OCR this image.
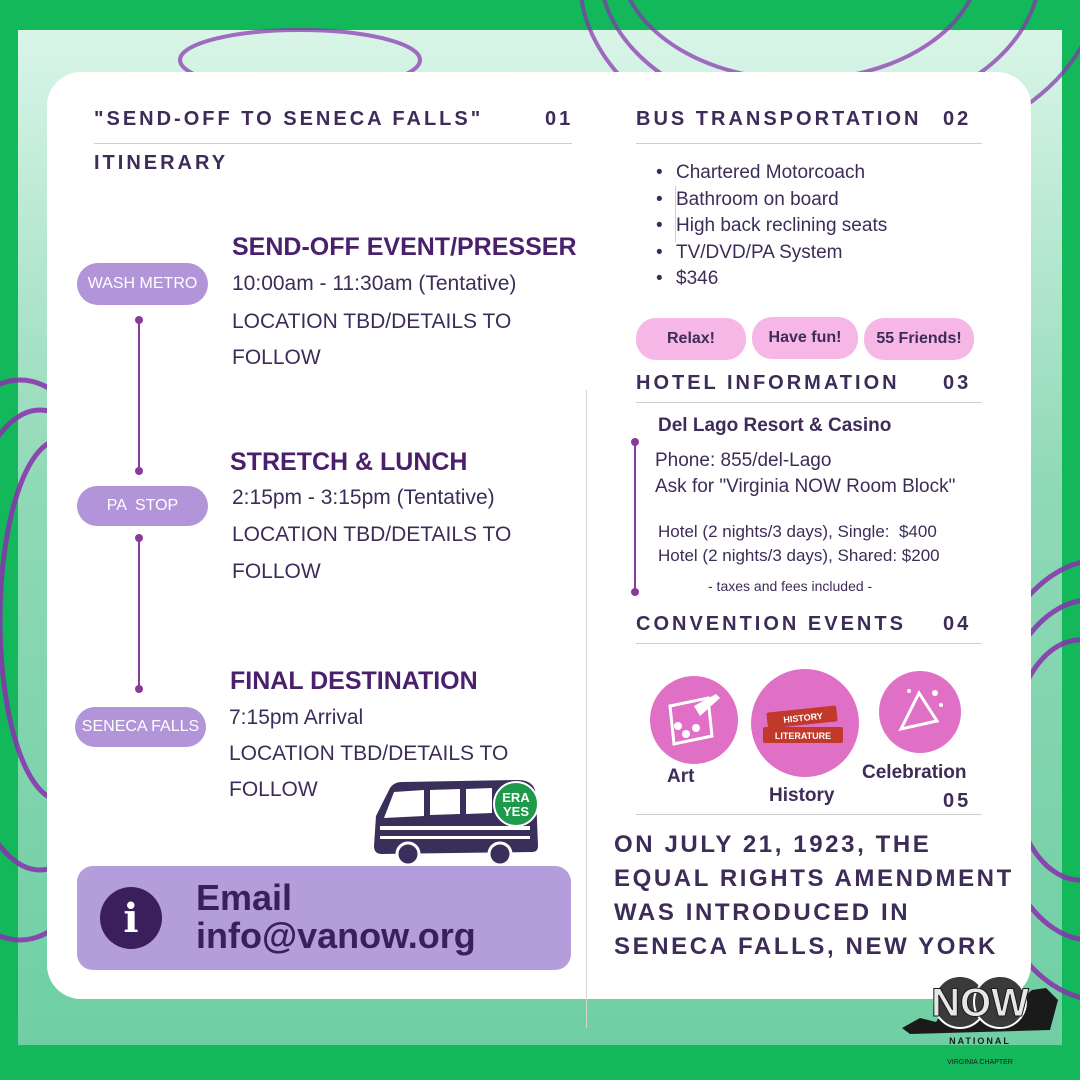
"SEND-OFF TO SENECA FALLS"	01
ITINERARY
WASH METRO
PA  STOP
SENECA FALLS
SEND-OFF EVENT/PRESSER
10:00am - 11:30am (Tentative)
LOCATION TBD/DETAILS TO
FOLLOW
STRETCH & LUNCH
2:15pm - 3:15pm (Tentative)
LOCATION TBD/DETAILS TO
FOLLOW
FINAL DESTINATION
7:15pm Arrival
LOCATION TBD/DETAILS TO
FOLLOW	ERA
YES
i	Email
info@vanow.org
BUS TRANSPORTATION 02
• Chartered Motorcoach
• Bathroom on board
• High back reclining seats
• TV/DVD/PA System
• $346
Relax!	Have fun!	55 Friends!
HOTEL INFORMATION 03
Del Lago Resort & Casino
Phone: 855/del-Lago
Ask for "Virginia NOW Room Block"
Hotel (2 nights/3 days), Single:  $400
Hotel (2 nights/3 days), Shared: $200
- taxes and fees included -
CONVENTION EVENTS 04
HISTORY
LITERATURE
Art
History
Celebration
05
ON JULY 21, 1923, THE
EQUAL RIGHTS AMENDMENT
WAS INTRODUCED IN
SENECA FALLS, NEW YORK
NOW
NATIONAL
VIRGINIA CHAPTER
